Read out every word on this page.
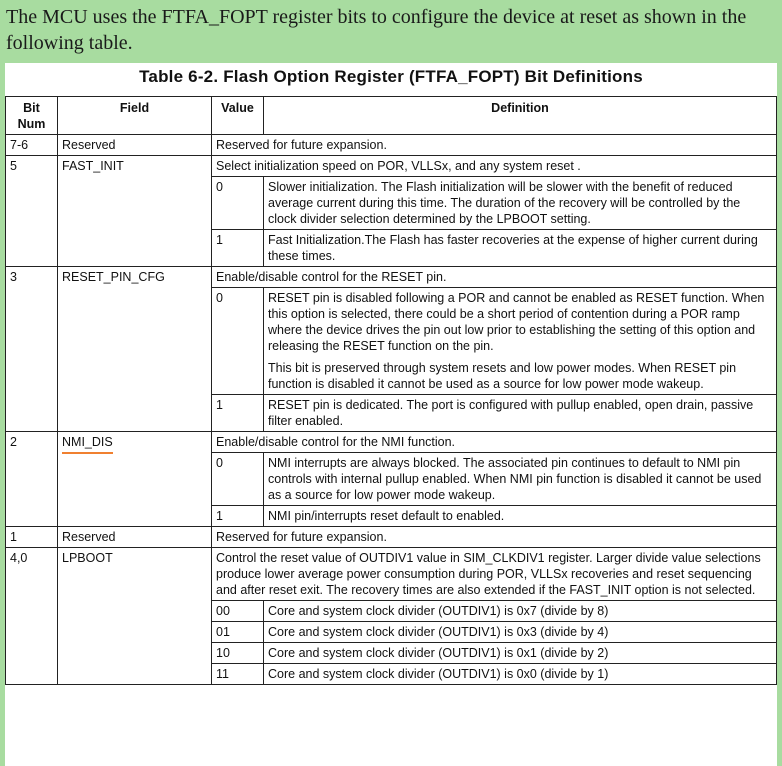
The MCU uses the FTFA_FOPT register bits to configure the device at reset as shown in the following table.
Table 6-2. Flash Option Register (FTFA_FOPT) Bit Definitions
Bit Num	Field	Value	Definition
7-6	Reserved	Reserved for future expansion.	
5	FAST_INIT	Select initialization speed on POR, VLLSx, and any system reset .	
		0	Slower initialization. The Flash initialization will be slower with the benefit of reduced average current during this time. The duration of the recovery will be controlled by the clock divider selection determined by the LPBOOT setting.
		1	Fast Initialization.The Flash has faster recoveries at the expense of higher current during these times.
3	RESET_PIN_CFG	Enable/disable control for the RESET pin.	
		0	RESET pin is disabled following a POR and cannot be enabled as RESET function. When this option is selected, there could be a short period of contention during a POR ramp where the device drives the pin out low prior to establishing the setting of this option and releasing the RESET function on the pin.
This bit is preserved through system resets and low power modes. When RESET pin function is disabled it cannot be used as a source for low power mode wakeup.

		1	RESET pin is dedicated. The port is configured with pullup enabled, open drain, passive filter enabled.
2	NMI_DIS	Enable/disable control for the NMI function.	
		0	NMI interrupts are always blocked. The associated pin continues to default to NMI pin controls with internal pullup enabled. When NMI pin function is disabled it cannot be used as a source for low power mode wakeup.
		1	NMI pin/interrupts reset default to enabled.
1	Reserved	Reserved for future expansion.	
4,0	LPBOOT	Control the reset value of OUTDIV1 value in SIM_CLKDIV1 register. Larger divide value selections produce lower average power consumption during POR, VLLSx recoveries and reset sequencing and after reset exit. The recovery times are also extended if the FAST_INIT option is not selected.	
		00	Core and system clock divider (OUTDIV1) is 0x7 (divide by 8)
		01	Core and system clock divider (OUTDIV1) is 0x3 (divide by 4)
		10	Core and system clock divider (OUTDIV1) is 0x1 (divide by 2)
		11	Core and system clock divider (OUTDIV1) is 0x0 (divide by 1)
